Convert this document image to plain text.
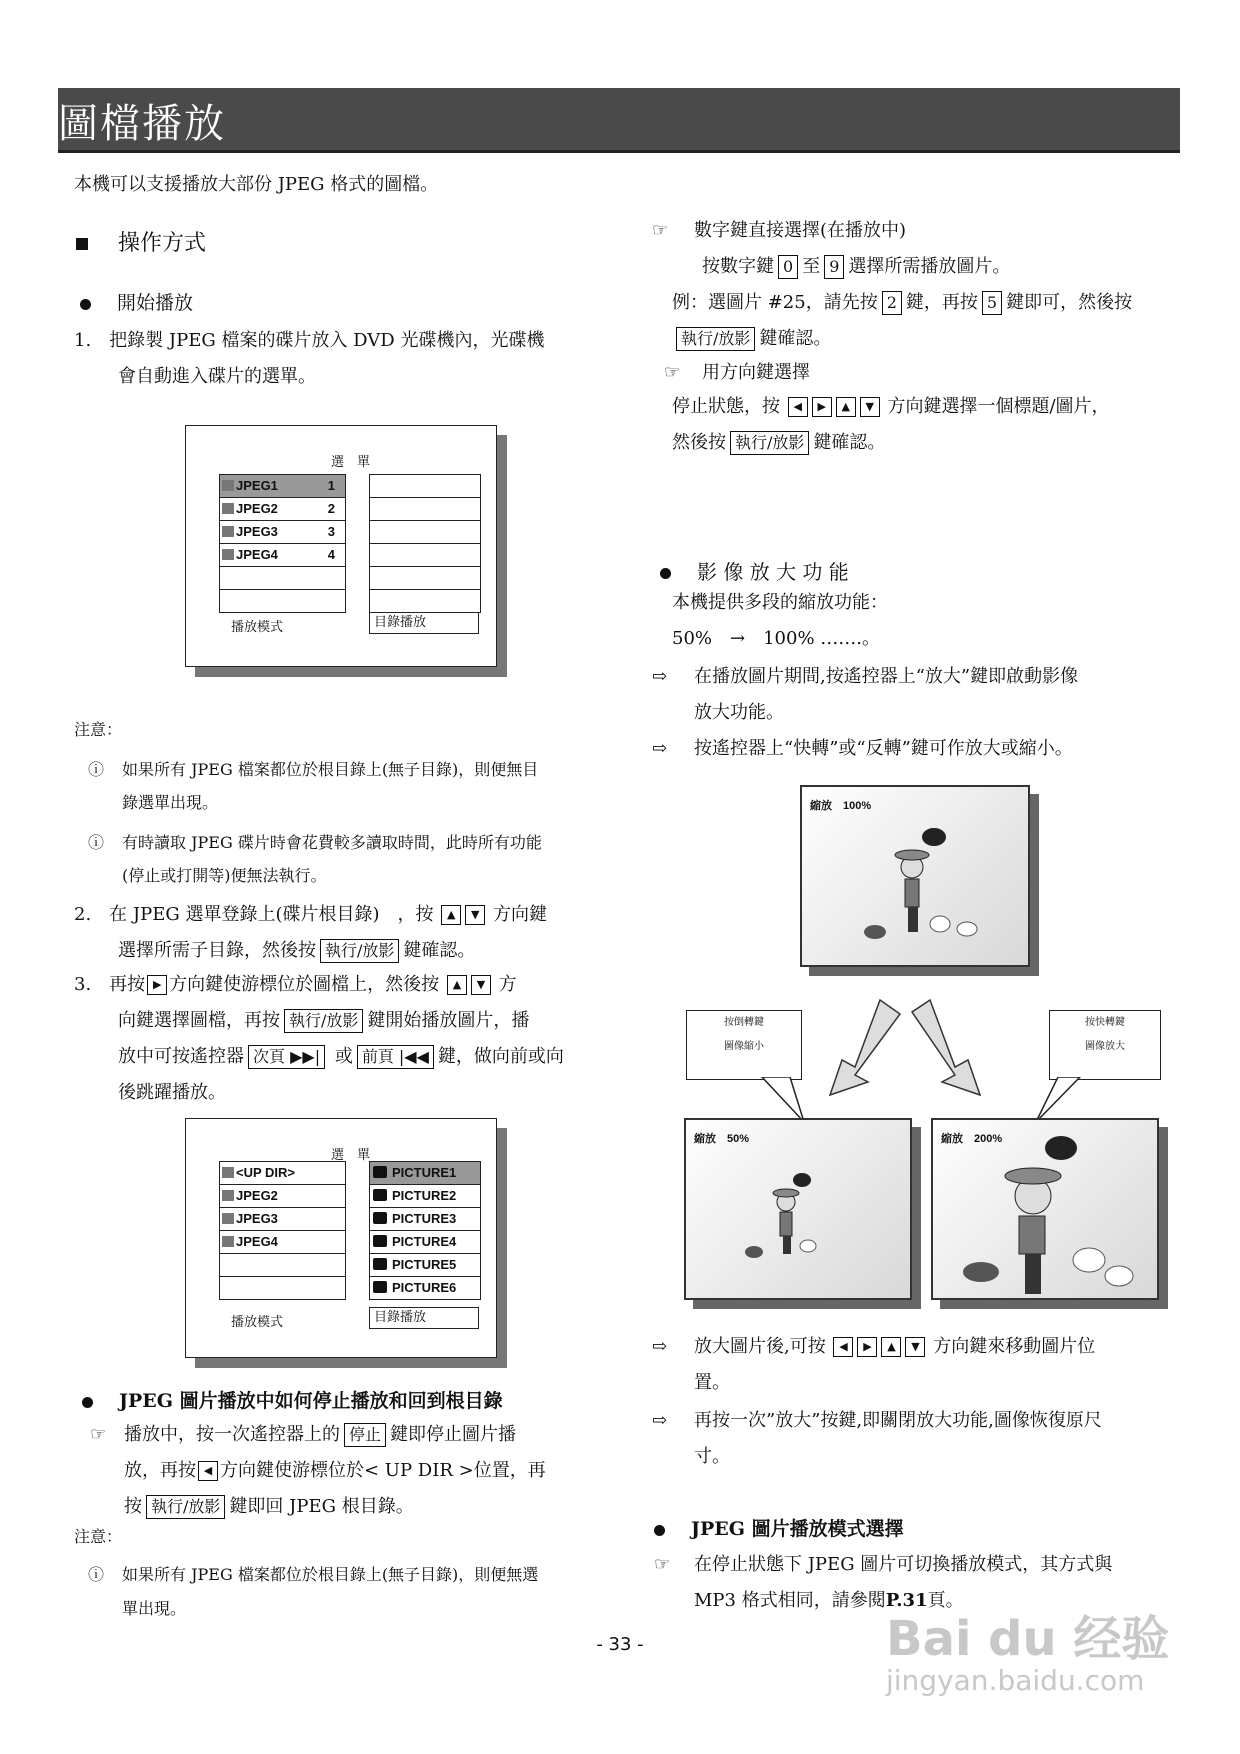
圖檔播放
本機可以支援播放大部份 JPEG 格式的圖檔。
操作方式
開始播放
1.　把錄製 JPEG 檔案的碟片放入 DVD 光碟機內，光碟機
會自動進入碟片的選單。
選　單
JPEG1	1
JPEG2	2
JPEG3	3
JPEG4	4
播放模式	目錄播放
注意：
ⓘ 如果所有 JPEG 檔案都位於根目錄上(無子目錄)，則便無目
錄選單出現。
ⓘ 有時讀取 JPEG 碟片時會花費較多讀取時間，此時所有功能
(停止或打開等)便無法執行。
2.　在 JPEG 選單登錄上(碟片根目錄)　，按 ▲ ▼ 方向鍵
選擇所需子目錄，然後按 執行/放影 鍵確認。
3.　再按 ▶ 方向鍵使游標位於圖檔上，然後按 ▲ ▼ 方
向鍵選擇圖檔，再按 執行/放影 鍵開始播放圖片，播
放中可按遙控器 次頁 ▶▶| 或 前頁 |◀◀ 鍵，做向前或向
後跳躍播放。
選　單
<UP DIR>
JPEG2
JPEG3
JPEG4
PICTURE1
PICTURE2
PICTURE3
PICTURE4
PICTURE5
PICTURE6
播放模式	目錄播放
JPEG 圖片播放中如何停止播放和回到根目錄
☞ 播放中，按一次遙控器上的 停止 鍵即停止圖片播
放，再按 ◀ 方向鍵使游標位於< UP DIR >位置，再
按 執行/放影 鍵即回 JPEG 根目錄。
注意：
ⓘ 如果所有 JPEG 檔案都位於根目錄上(無子目錄)，則便無選
單出現。
☞ 數字鍵直接選擇(在播放中)
按數字鍵 0 至 9 選擇所需播放圖片。
例：選圖片 #25，請先按 2 鍵，再按 5 鍵即可，然後按
執行/放影 鍵確認。
☞ 用方向鍵選擇
停止狀態，按 ◀ ▶ ▲ ▼ 方向鍵選擇一個標題/圖片，
然後按 執行/放影 鍵確認。
影 像 放 大 功 能
本機提供多段的縮放功能：
50%　→　100% …….。
⇨ 在播放圖片期間,按遙控器上“放大”鍵即啟動影像
放大功能。
⇨ 按遙控器上“快轉”或“反轉”鍵可作放大或縮小。
縮放　100%
按倒轉鍵
圖像縮小
按快轉鍵
圖像放大
縮放　50%	縮放　200%
⇨ 放大圖片後,可按 ◀ ▶ ▲ ▼ 方向鍵來移動圖片位
置。
⇨ 再按一次”放大”按鍵,即關閉放大功能,圖像恢復原尺
寸。
JPEG 圖片播放模式選擇
☞ 在停止狀態下 JPEG 圖片可切換播放模式，其方式與
MP3 格式相同，請參閱P.31頁。
Bai du 经验
jingyan.baidu.com
- 33 -
